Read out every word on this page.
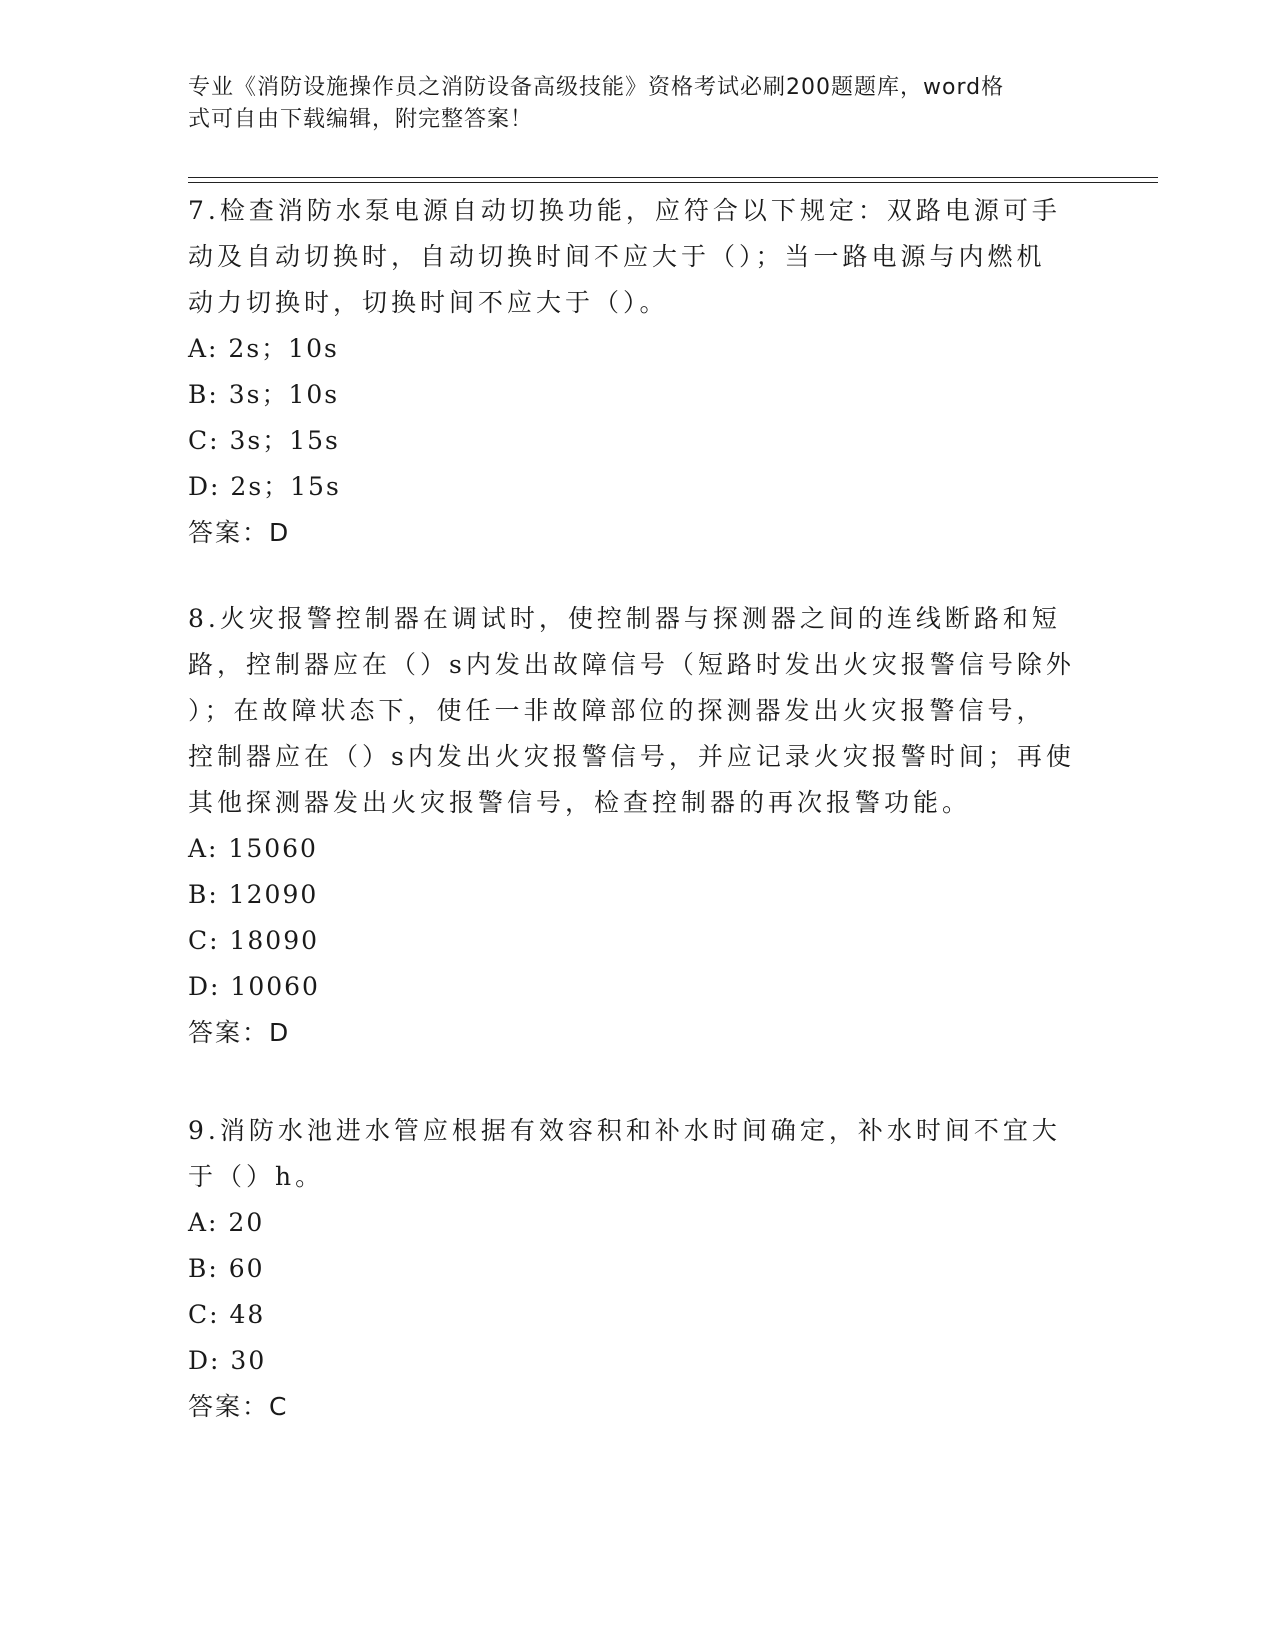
专业《消防设施操作员之消防设备高级技能》资格考试必刷200题题库，word格
式可自由下载编辑，附完整答案！

7.检查消防水泵电源自动切换功能，应符合以下规定：双路电源可手
动及自动切换时，自动切换时间不应大于（）；当一路电源与内燃机
动力切换时，切换时间不应大于（）。

A: 2s；10s

B: 3s；10s

C: 3s；15s

D: 2s；15s

答案：D

8.火灾报警控制器在调试时，使控制器与探测器之间的连线断路和短
路，控制器应在（）s内发出故障信号（短路时发出火灾报警信号除外
）；在故障状态下，使任一非故障部位的探测器发出火灾报警信号，
控制器应在（）s内发出火灾报警信号，并应记录火灾报警时间；再使
其他探测器发出火灾报警信号，检查控制器的再次报警功能。

A: 15060

B: 12090

C: 18090

D: 10060

答案：D

9.消防水池进水管应根据有效容积和补水时间确定，补水时间不宜大
于（）h。

A: 20

B: 60

C: 48

D: 30

答案：C
